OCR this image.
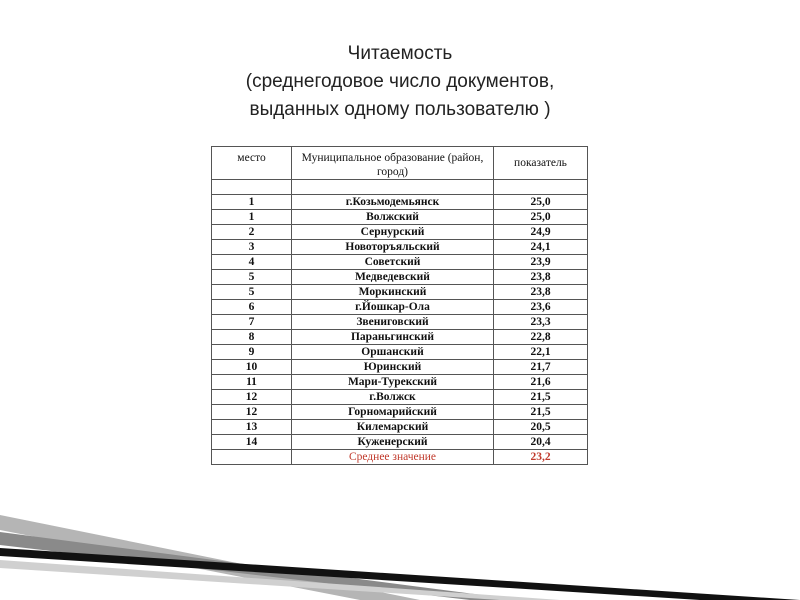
Читаемость
(среднегодовое число документов,
выданных одному пользователю )
место	Муниципальное образование (район, город)	показатель

1	г.Козьмодемьянск	25,0
1	Волжский	25,0
2	Сернурский	24,9
3	Новоторъяльский	24,1
4	Советский	23,9
5	Медведевский	23,8
5	Моркинский	23,8
6	г.Йошкар-Ола	23,6
7	Звениговский	23,3
8	Параньгинский	22,8
9	Оршанский	22,1
10	Юринский	21,7
11	Мари-Турекский	21,6
12	г.Волжск	21,5
12	Горномарийский	21,5
13	Килемарский	20,5
14	Куженерский	20,4
	Среднее значение	23,2
